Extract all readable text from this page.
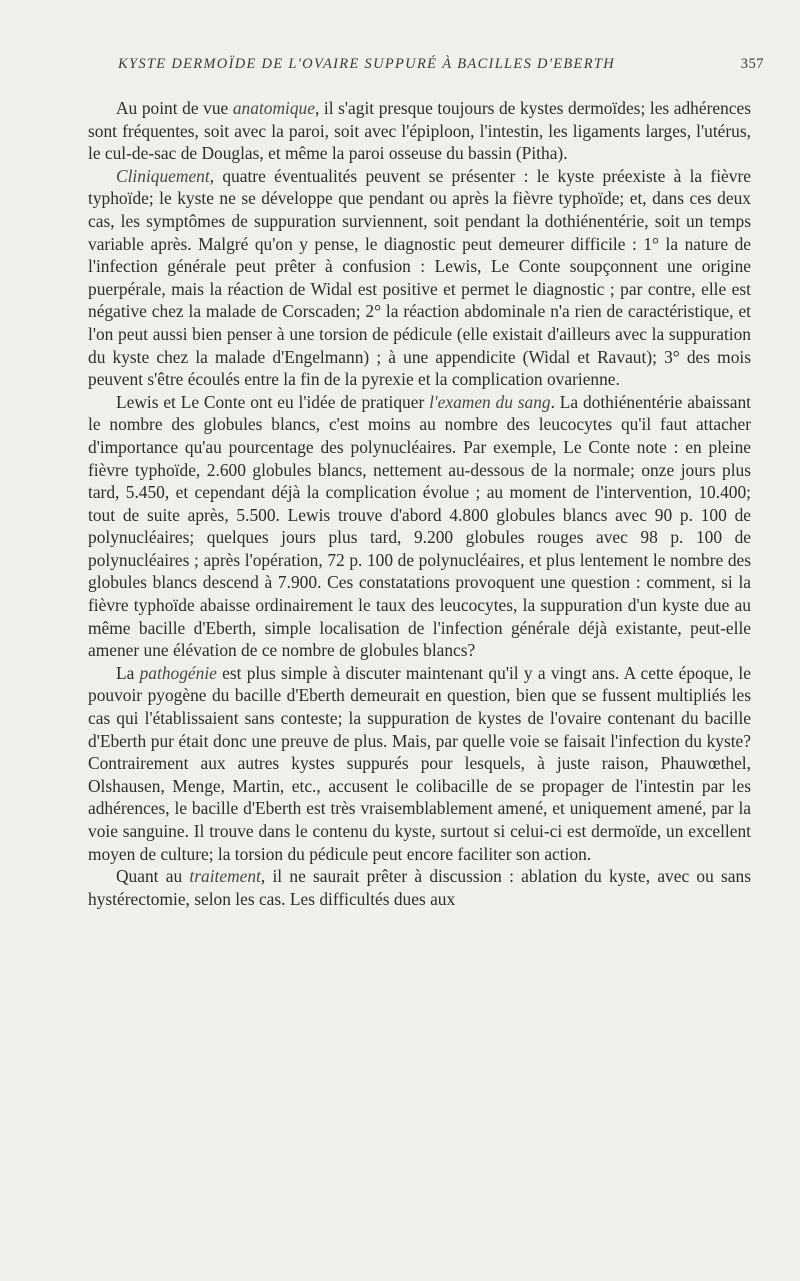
KYSTE DERMOÏDE DE L'OVAIRE SUPPURÉ À BACILLES D'EBERTH	357

Au point de vue anatomique, il s'agit presque toujours de kystes dermoïdes; les adhérences sont fréquentes, soit avec la paroi, soit avec l'épiploon, l'intestin, les ligaments larges, l'utérus, le cul-de-sac de Douglas, et même la paroi osseuse du bassin (Pitha).

Cliniquement, quatre éventualités peuvent se présenter : le kyste préexiste à la fièvre typhoïde; le kyste ne se développe que pendant ou après la fièvre typhoïde; et, dans ces deux cas, les symptômes de suppuration surviennent, soit pendant la dothiénentérie, soit un temps variable après. Malgré qu'on y pense, le diagnostic peut demeurer difficile : 1° la nature de l'infection générale peut prêter à confusion : Lewis, Le Conte soupçonnent une origine puerpérale, mais la réaction de Widal est positive et permet le diagnostic ; par contre, elle est négative chez la malade de Corscaden; 2° la réaction abdominale n'a rien de caractéristique, et l'on peut aussi bien penser à une torsion de pédicule (elle existait d'ailleurs avec la suppuration du kyste chez la malade d'Engelmann) ; à une appendicite (Widal et Ravaut); 3° des mois peuvent s'être écoulés entre la fin de la pyrexie et la complication ovarienne.

Lewis et Le Conte ont eu l'idée de pratiquer l'examen du sang. La dothiénentérie abaissant le nombre des globules blancs, c'est moins au nombre des leucocytes qu'il faut attacher d'importance qu'au pourcentage des polynucléaires. Par exemple, Le Conte note : en pleine fièvre typhoïde, 2.600 globules blancs, nettement au-dessous de la normale; onze jours plus tard, 5.450, et cependant déjà la complication évolue ; au moment de l'intervention, 10.400; tout de suite après, 5.500. Lewis trouve d'abord 4.800 globules blancs avec 90 p. 100 de polynucléaires; quelques jours plus tard, 9.200 globules rouges avec 98 p. 100 de polynucléaires ; après l'opération, 72 p. 100 de polynucléaires, et plus lentement le nombre des globules blancs descend à 7.900. Ces constatations provoquent une question : comment, si la fièvre typhoïde abaisse ordinairement le taux des leucocytes, la suppuration d'un kyste due au même bacille d'Eberth, simple localisation de l'infection générale déjà existante, peut-elle amener une élévation de ce nombre de globules blancs?

La pathogénie est plus simple à discuter maintenant qu'il y a vingt ans. A cette époque, le pouvoir pyogène du bacille d'Eberth demeurait en question, bien que se fussent multipliés les cas qui l'établissaient sans conteste; la suppuration de kystes de l'ovaire contenant du bacille d'Eberth pur était donc une preuve de plus. Mais, par quelle voie se faisait l'infection du kyste? Contrairement aux autres kystes suppurés pour lesquels, à juste raison, Phauwœthel, Olshausen, Menge, Martin, etc., accusent le colibacille de se propager de l'intestin par les adhérences, le bacille d'Eberth est très vraisemblablement amené, et uniquement amené, par la voie sanguine. Il trouve dans le contenu du kyste, surtout si celui-ci est dermoïde, un excellent moyen de culture; la torsion du pédicule peut encore faciliter son action.

Quant au traitement, il ne saurait prêter à discussion : ablation du kyste, avec ou sans hystérectomie, selon les cas. Les difficultés dues aux
